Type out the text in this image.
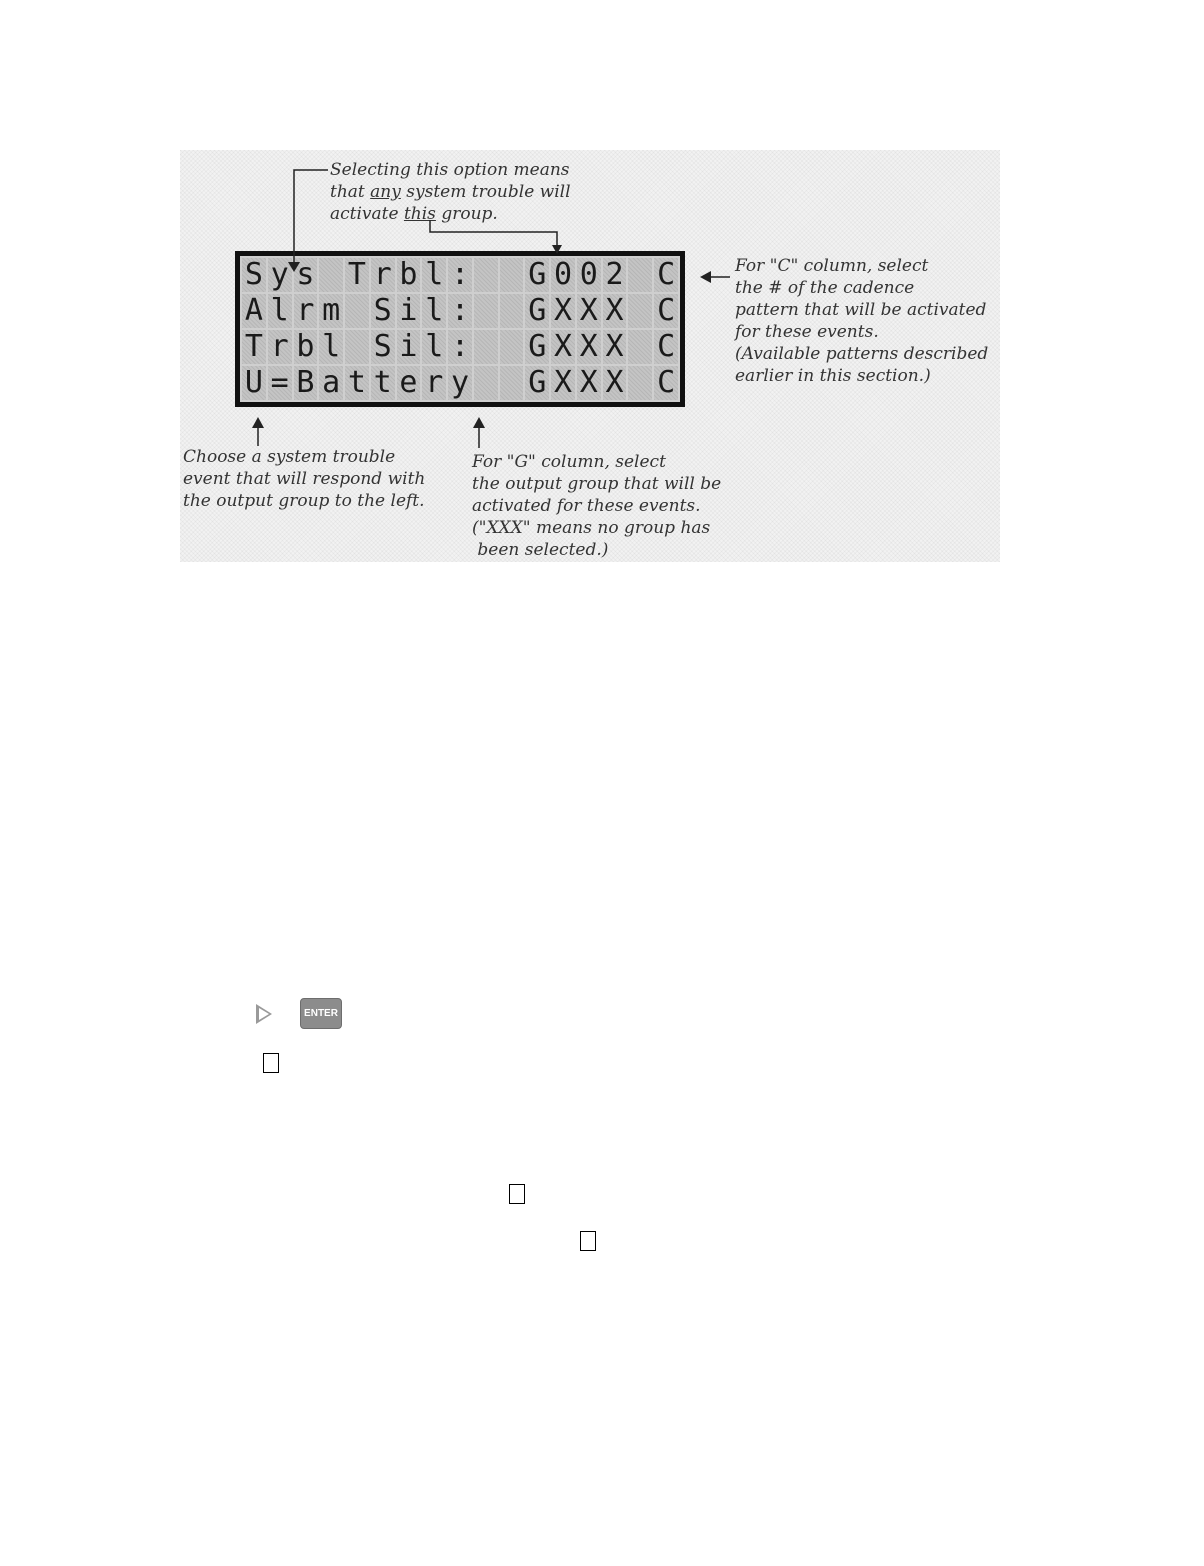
Selecting this option means
that any system trouble will
activate this group.

For "C" column, select
the # of the cadence
pattern that will be activated
for these events.
(Available patterns described
earlier in this section.)

Choose a system trouble
event that will respond with
the output group to the left.

For "G" column, select
the output group that will be
activated for these events.
("XXX" means no group has
been selected.)

S y s T r b l : G 0 0 2 C
A l r m S i l : G X X X C
T r b l S i l : G X X X C
U = B a t t e r y G X X X C
ENTER
